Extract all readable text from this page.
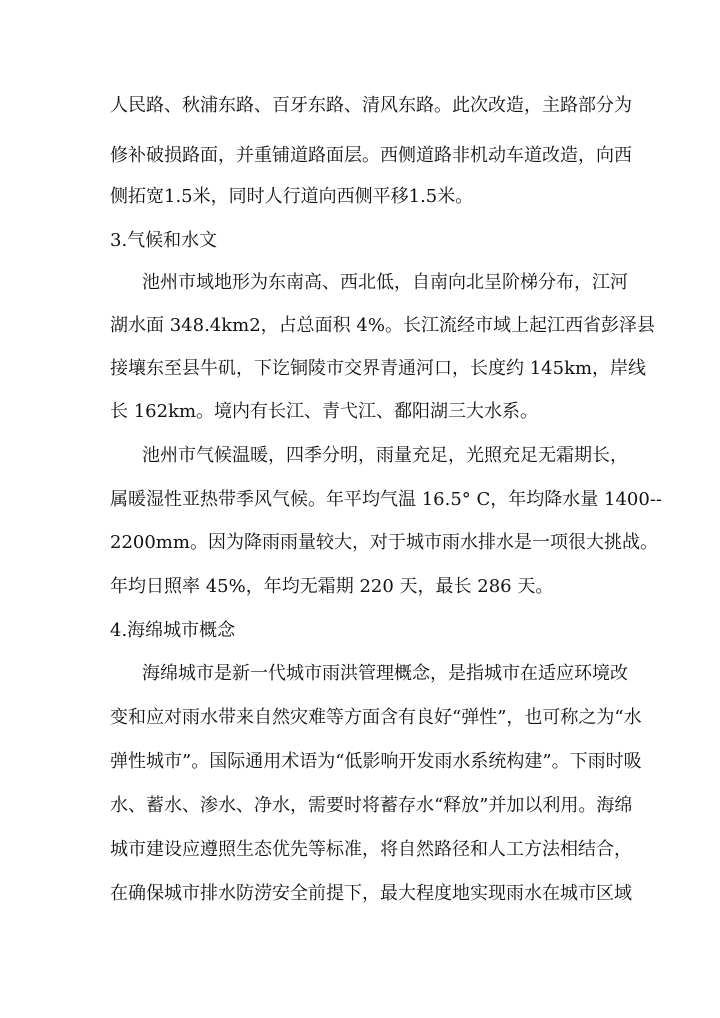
人民路、秋浦东路、百牙东路、清风东路。此次改造，主路部分为
修补破损路面，并重铺道路面层。西侧道路非机动车道改造，向西
侧拓宽1.5米，同时人行道向西侧平移1.5米。
3.气候和水文
池州市域地形为东南高、西北低，自南向北呈阶梯分布，江河
湖水面 348.4km2，占总面积 4%。长江流经市域上起江西省彭泽县
接壤东至县牛矶，下讫铜陵市交界青通河口，长度约 145km，岸线
长 162km。境内有长江、青弋江、鄱阳湖三大水系。
池州市气候温暖，四季分明，雨量充足，光照充足无霜期长，
属暖湿性亚热带季风气候。年平均气温 16.5° C，年均降水量 1400--
2200mm。因为降雨雨量较大，对于城市雨水排水是一项很大挑战。
年均日照率 45%，年均无霜期 220 天，最长 286 天。
4.海绵城市概念
海绵城市是新一代城市雨洪管理概念，是指城市在适应环境改
变和应对雨水带来自然灾难等方面含有良好“弹性”，也可称之为“水
弹性城市”。国际通用术语为“低影响开发雨水系统构建”。下雨时吸
水、蓄水、渗水、净水，需要时将蓄存水“释放”并加以利用。海绵
城市建设应遵照生态优先等标准，将自然路径和人工方法相结合，
在确保城市排水防涝安全前提下，最大程度地实现雨水在城市区域
